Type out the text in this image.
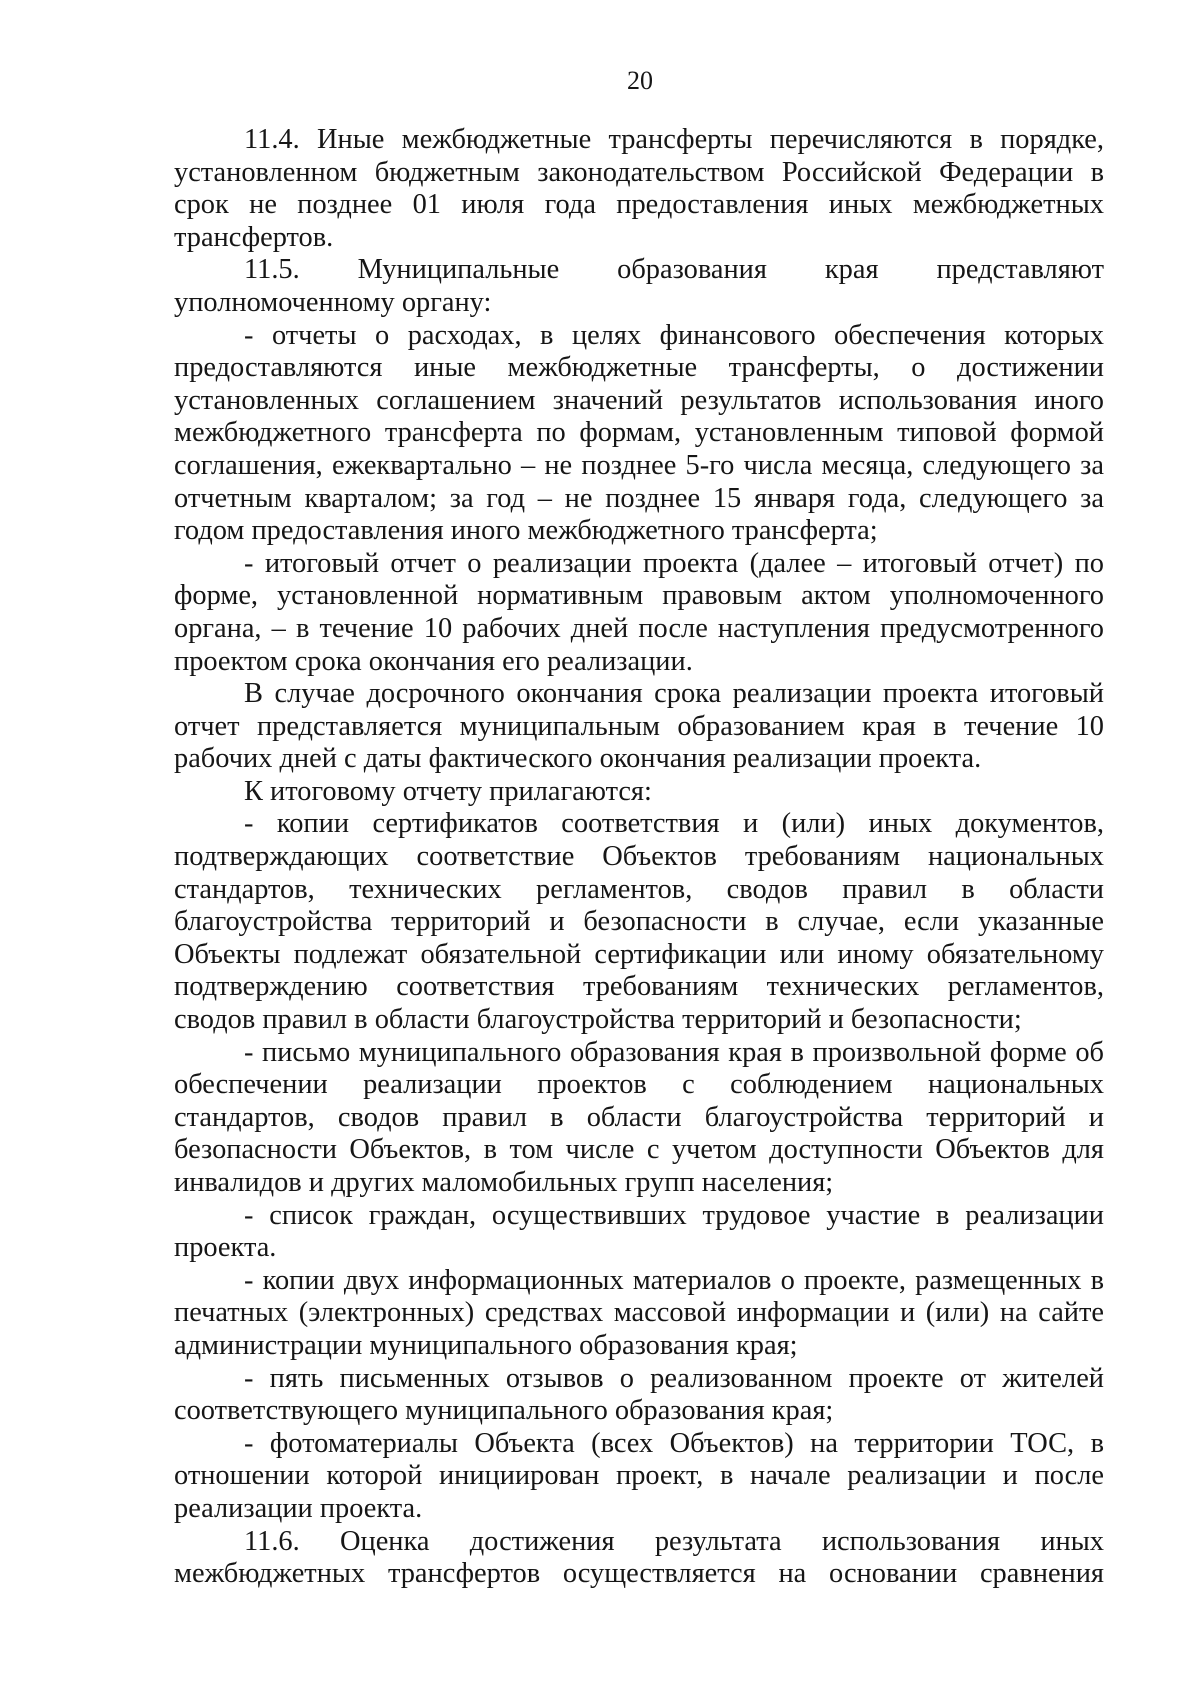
20

11.4. Иные межбюджетные трансферты перечисляются в порядке, установленном бюджетным законодательством Российской Федерации в срок не позднее 01 июля года предоставления иных межбюджетных трансфертов.

11.5. Муниципальные образования края представляют уполномоченному органу:

- отчеты о расходах, в целях финансового обеспечения которых предоставляются иные межбюджетные трансферты, о достижении установленных соглашением значений результатов использования иного межбюджетного трансферта по формам, установленным типовой формой соглашения, ежеквартально – не позднее 5-го числа месяца, следующего за отчетным кварталом; за год – не позднее 15 января года, следующего за годом предоставления иного межбюджетного трансферта;

- итоговый отчет о реализации проекта (далее – итоговый отчет) по форме, установленной нормативным правовым актом уполномоченного органа, – в течение 10 рабочих дней после наступления предусмотренного проектом срока окончания его реализации.

В случае досрочного окончания срока реализации проекта итоговый отчет представляется муниципальным образованием края в течение 10 рабочих дней с даты фактического окончания реализации проекта.

К итоговому отчету прилагаются:

- копии сертификатов соответствия и (или) иных документов, подтверждающих соответствие Объектов требованиям национальных стандартов, технических регламентов, сводов правил в области благоустройства территорий и безопасности в случае, если указанные Объекты подлежат обязательной сертификации или иному обязательному подтверждению соответствия требованиям технических регламентов, сводов правил в области благоустройства территорий и безопасности;

- письмо муниципального образования края в произвольной форме об обеспечении реализации проектов с соблюдением национальных стандартов, сводов правил в области благоустройства территорий и безопасности Объектов, в том числе с учетом доступности Объектов для инвалидов и других маломобильных групп населения;

- список граждан, осуществивших трудовое участие в реализации проекта.

- копии двух информационных материалов о проекте, размещенных в печатных (электронных) средствах массовой информации и (или) на сайте администрации муниципального образования края;

- пять письменных отзывов о реализованном проекте от жителей соответствующего муниципального образования края;

- фотоматериалы Объекта (всех Объектов) на территории ТОС, в отношении которой инициирован проект, в начале реализации и после реализации проекта.

11.6. Оценка достижения результата использования иных межбюджетных трансфертов осуществляется на основании сравнения
